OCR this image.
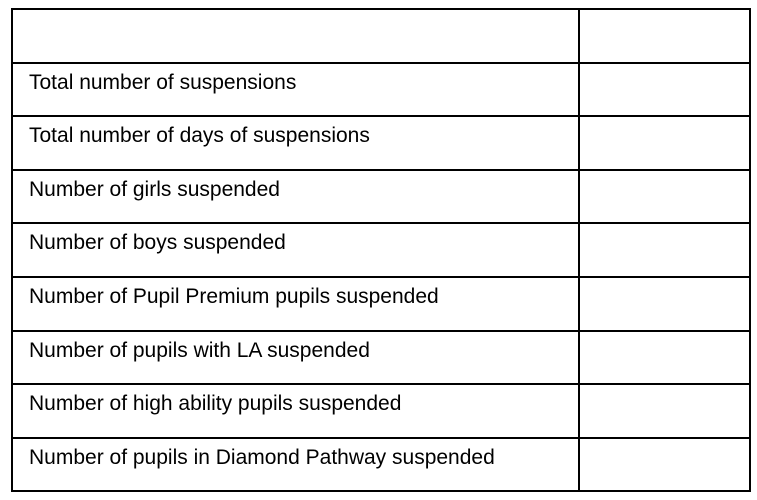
Total number of suspensions	

Total number of days of suspensions	

Number of girls suspended	

Number of boys suspended	

Number of Pupil Premium pupils suspended	

Number of pupils with LA suspended	

Number of high ability pupils suspended	

Number of pupils in Diamond Pathway suspended	
